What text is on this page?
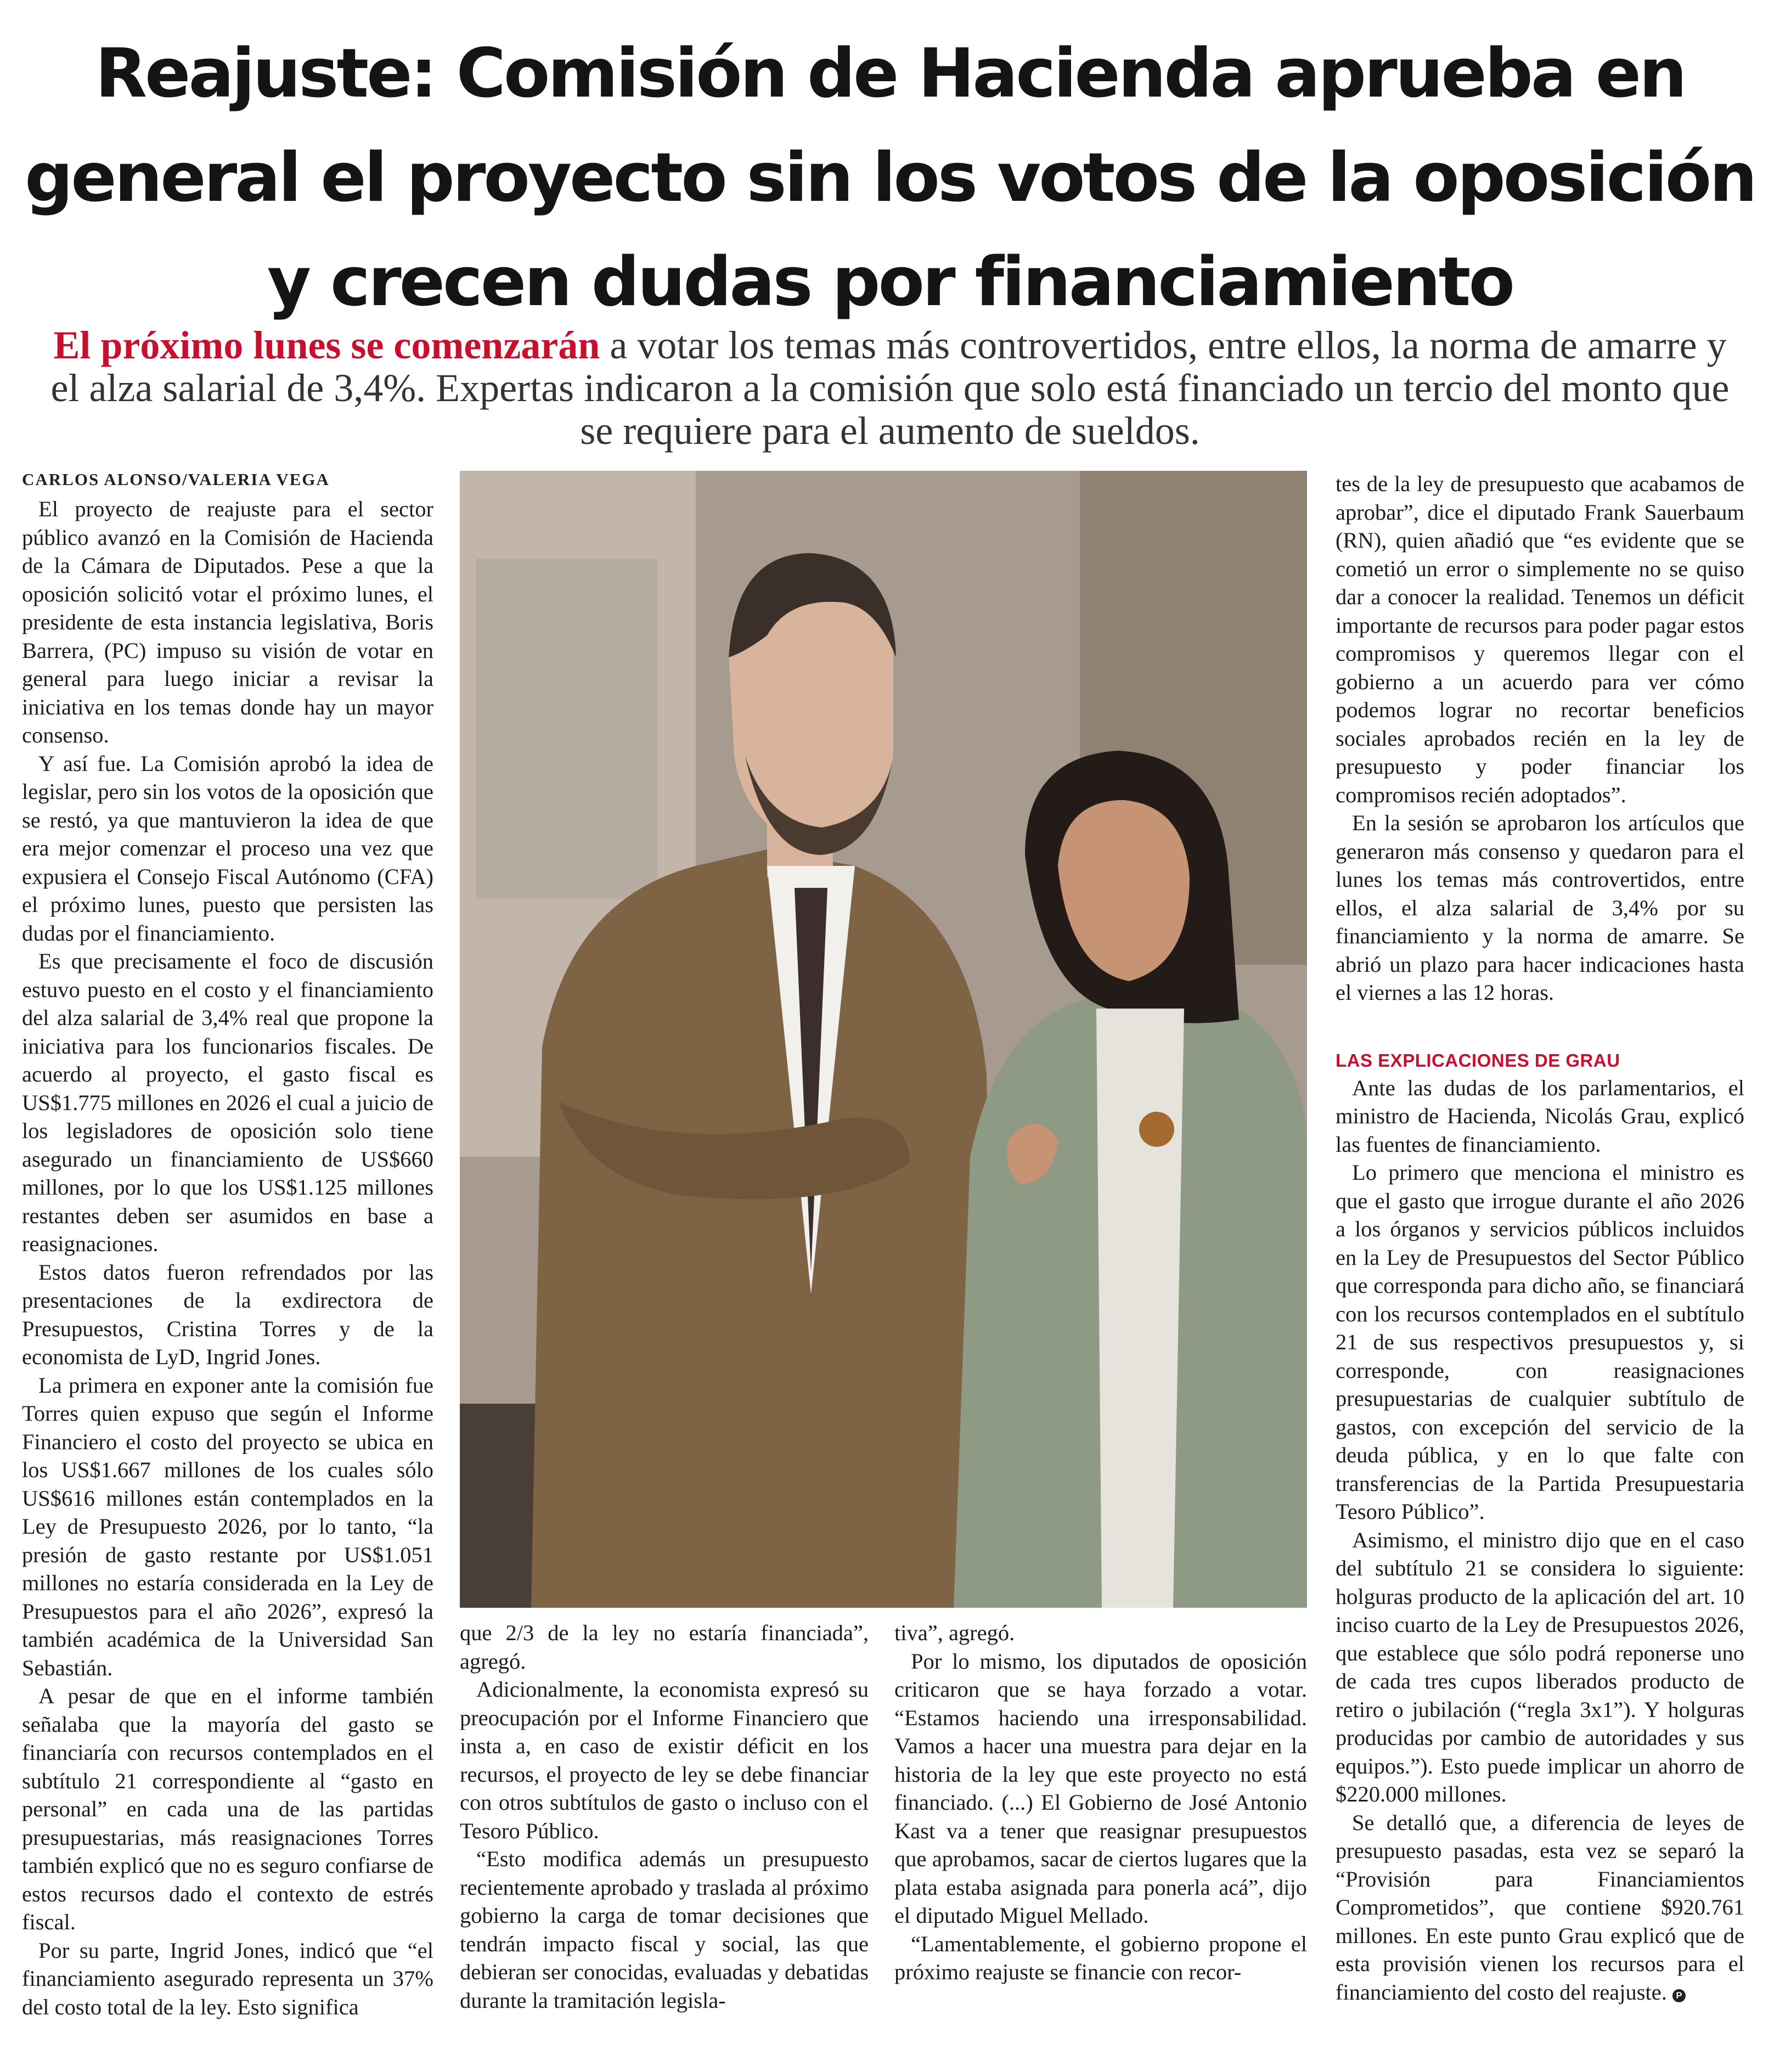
Reajuste: Comisión de Hacienda aprueba en general el proyecto sin los votos de la oposición y crecen dudas por financiamiento

El próximo lunes se comenzarán a votar los temas más controvertidos, entre ellos, la norma de amarre y el alza salarial de 3,4%. Expertas indicaron a la comisión que solo está financiado un tercio del monto que se requiere para el aumento de sueldos.

CARLOS ALONSO/VALERIA VEGA

El proyecto de reajuste para el sector público avanzó en la Comisión de Hacienda de la Cámara de Diputados. Pese a que la oposición solicitó votar el próximo lunes, el presidente de esta instancia legislativa, Boris Barrera, (PC) impuso su visión de votar en general para luego iniciar a revisar la iniciativa en los temas donde hay un mayor consenso.

Y así fue. La Comisión aprobó la idea de legislar, pero sin los votos de la oposición que se restó, ya que mantuvieron la idea de que era mejor comenzar el proceso una vez que expusiera el Consejo Fiscal Autónomo (CFA) el próximo lunes, puesto que persisten las dudas por el financiamiento.

Es que precisamente el foco de discusión estuvo puesto en el costo y el financiamiento del alza salarial de 3,4% real que propone la iniciativa para los funcionarios fiscales. De acuerdo al proyecto, el gasto fiscal es US$1.775 millones en 2026 el cual a juicio de los legisladores de oposición solo tiene asegurado un financiamiento de US$660 millones, por lo que los US$1.125 millones restantes deben ser asumidos en base a reasignaciones.

Estos datos fueron refrendados por las presentaciones de la exdirectora de Presupuestos, Cristina Torres y de la economista de LyD, Ingrid Jones.

La primera en exponer ante la comisión fue Torres quien expuso que según el Informe Financiero el costo del proyecto se ubica en los US$1.667 millones de los cuales sólo US$616 millones están contemplados en la Ley de Presupuesto 2026, por lo tanto, “la presión de gasto restante por US$1.051 millones no estaría considerada en la Ley de Presupuestos para el año 2026”, expresó la también académica de la Universidad San Sebastián.

A pesar de que en el informe también señalaba que la mayoría del gasto se financiaría con recursos contemplados en el subtítulo 21 correspondiente al “gasto en personal” en cada una de las partidas presupuestarias, más reasignaciones Torres también explicó que no es seguro confiarse de estos recursos dado el contexto de estrés fiscal.

Por su parte, Ingrid Jones, indicó que “el financiamiento asegurado representa un 37% del costo total de la ley. Esto significa

que 2/3 de la ley no estaría financiada”, agregó.

Adicionalmente, la economista expresó su preocupación por el Informe Financiero que insta a, en caso de existir déficit en los recursos, el proyecto de ley se debe financiar con otros subtítulos de gasto o incluso con el Tesoro Público.

“Esto modifica además un presupuesto recientemente aprobado y traslada al próximo gobierno la carga de tomar decisiones que tendrán impacto fiscal y social, las que debieran ser conocidas, evaluadas y debatidas durante la tramitación legisla-

tiva”, agregó.

Por lo mismo, los diputados de oposición criticaron que se haya forzado a votar. “Estamos haciendo una irresponsabilidad. Vamos a hacer una muestra para dejar en la historia de la ley que este proyecto no está financiado. (...) El Gobierno de José Antonio Kast va a tener que reasignar presupuestos que aprobamos, sacar de ciertos lugares que la plata estaba asignada para ponerla acá”, dijo el diputado Miguel Mellado.

“Lamentablemente, el gobierno propone el próximo reajuste se financie con recor-

tes de la ley de presupuesto que acabamos de aprobar”, dice el diputado Frank Sauerbaum (RN), quien añadió que “es evidente que se cometió un error o simplemente no se quiso dar a conocer la realidad. Tenemos un déficit importante de recursos para poder pagar estos compromisos y queremos llegar con el gobierno a un acuerdo para ver cómo podemos lograr no recortar beneficios sociales aprobados recién en la ley de presupuesto y poder financiar los compromisos recién adoptados”.

En la sesión se aprobaron los artículos que generaron más consenso y quedaron para el lunes los temas más controvertidos, entre ellos, el alza salarial de 3,4% por su financiamiento y la norma de amarre. Se abrió un plazo para hacer indicaciones hasta el viernes a las 12 horas.

LAS EXPLICACIONES DE GRAU

Ante las dudas de los parlamentarios, el ministro de Hacienda, Nicolás Grau, explicó las fuentes de financiamiento.

Lo primero que menciona el ministro es que el gasto que irrogue durante el año 2026 a los órganos y servicios públicos incluidos en la Ley de Presupuestos del Sector Público que corresponda para dicho año, se financiará con los recursos contemplados en el subtítulo 21 de sus respectivos presupuestos y, si corresponde, con reasignaciones presupuestarias de cualquier subtítulo de gastos, con excepción del servicio de la deuda pública, y en lo que falte con transferencias de la Partida Presupuestaria Tesoro Público”.

Asimismo, el ministro dijo que en el caso del subtítulo 21 se considera lo siguiente: holguras producto de la aplicación del art. 10 inciso cuarto de la Ley de Presupuestos 2026, que establece que sólo podrá reponerse uno de cada tres cupos liberados producto de retiro o jubilación (“regla 3x1”). Y holguras producidas por cambio de autoridades y sus equipos.”). Esto puede implicar un ahorro de $220.000 millones.

Se detalló que, a diferencia de leyes de presupuesto pasadas, esta vez se separó la “Provisión para Financiamientos Comprometidos”, que contiene $920.761 millones. En este punto Grau explicó que de esta provisión vienen los recursos para el financiamiento del costo del reajuste. P
